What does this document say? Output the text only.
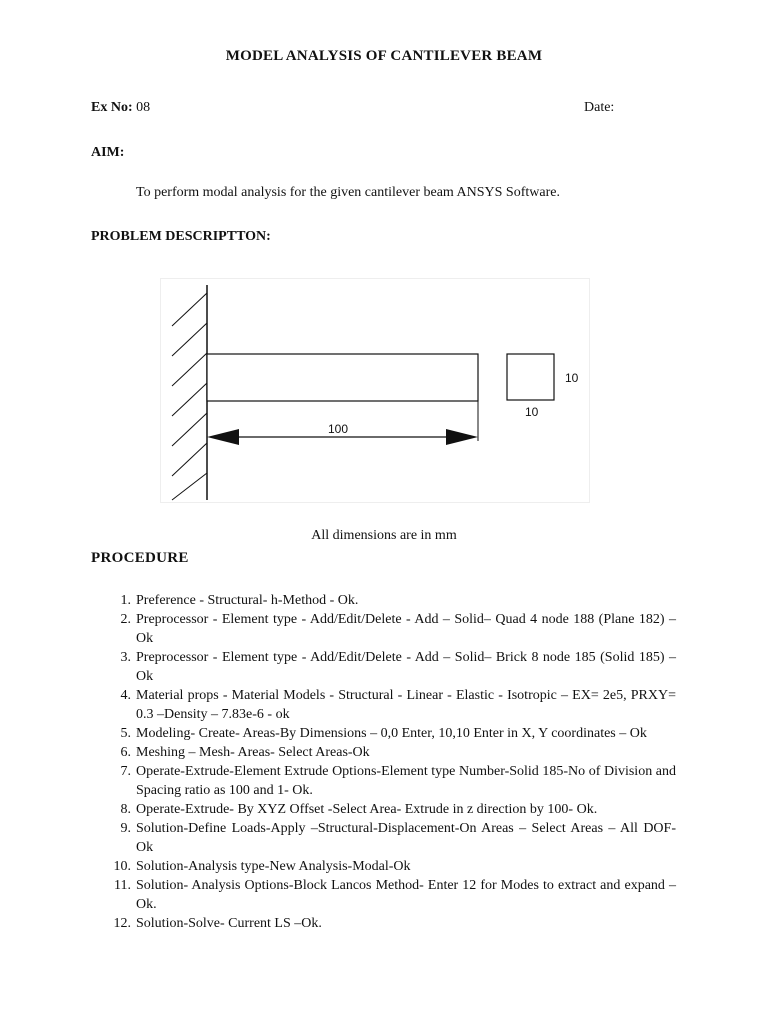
MODEL ANALYSIS OF CANTILEVER BEAM
Ex No: 08	Date:
AIM:
To perform modal analysis for the given cantilever beam ANSYS Software.
PROBLEM DESCRIPTTON:
100
10
10
All dimensions are in mm
PROCEDURE
1. Preference - Structural- h-Method - Ok.
2. Preprocessor - Element type - Add/Edit/Delete - Add – Solid– Quad 4 node 188 (Plane 182) – Ok
3. Preprocessor - Element type - Add/Edit/Delete - Add – Solid– Brick 8 node 185 (Solid 185) – Ok
4. Material props - Material Models - Structural - Linear - Elastic - Isotropic – EX= 2e5, PRXY= 0.3 –Density – 7.83e-6 - ok
5. Modeling- Create- Areas-By Dimensions – 0,0 Enter, 10,10 Enter in X, Y coordinates – Ok
6. Meshing – Mesh- Areas- Select Areas-Ok
7. Operate-Extrude-Element Extrude Options-Element type Number-Solid 185-No of Division and Spacing ratio as 100 and 1- Ok.
8. Operate-Extrude- By XYZ Offset -Select Area- Extrude in z direction by 100- Ok.
9. Solution-Define Loads-Apply –Structural-Displacement-On Areas – Select Areas – All DOF- Ok
10. Solution-Analysis type-New Analysis-Modal-Ok
11. Solution- Analysis Options-Block Lancos Method- Enter 12 for Modes to extract and expand –Ok.
12. Solution-Solve- Current LS –Ok.
